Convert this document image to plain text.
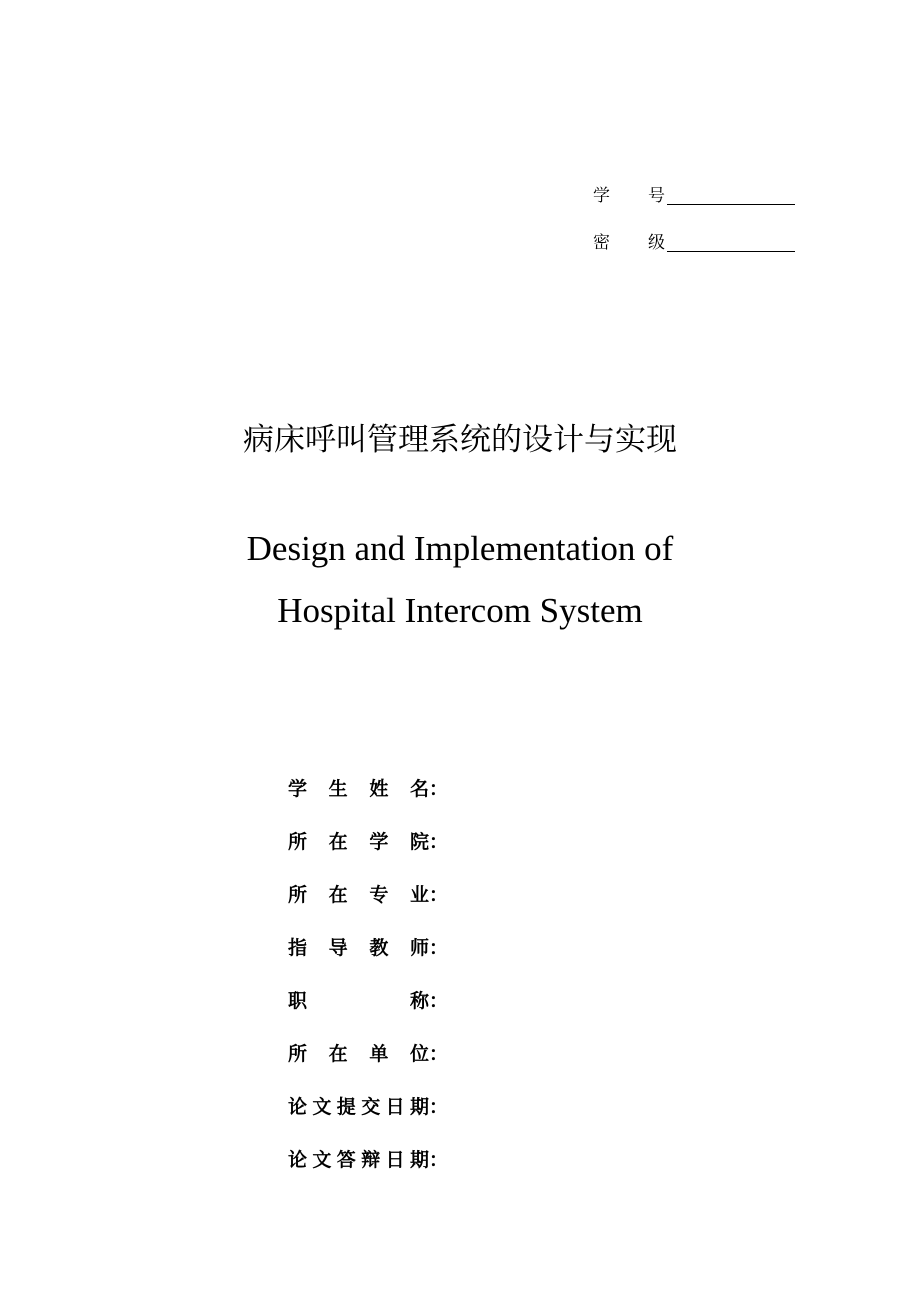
学 号
密 级
病床呼叫管理系统的设计与实现
Design and Implementation of
Hospital Intercom System
学生姓名：
所在学院：
所在专业：
指导教师：
职称：
所在单位：
论文提交日期：
论文答辩日期：
